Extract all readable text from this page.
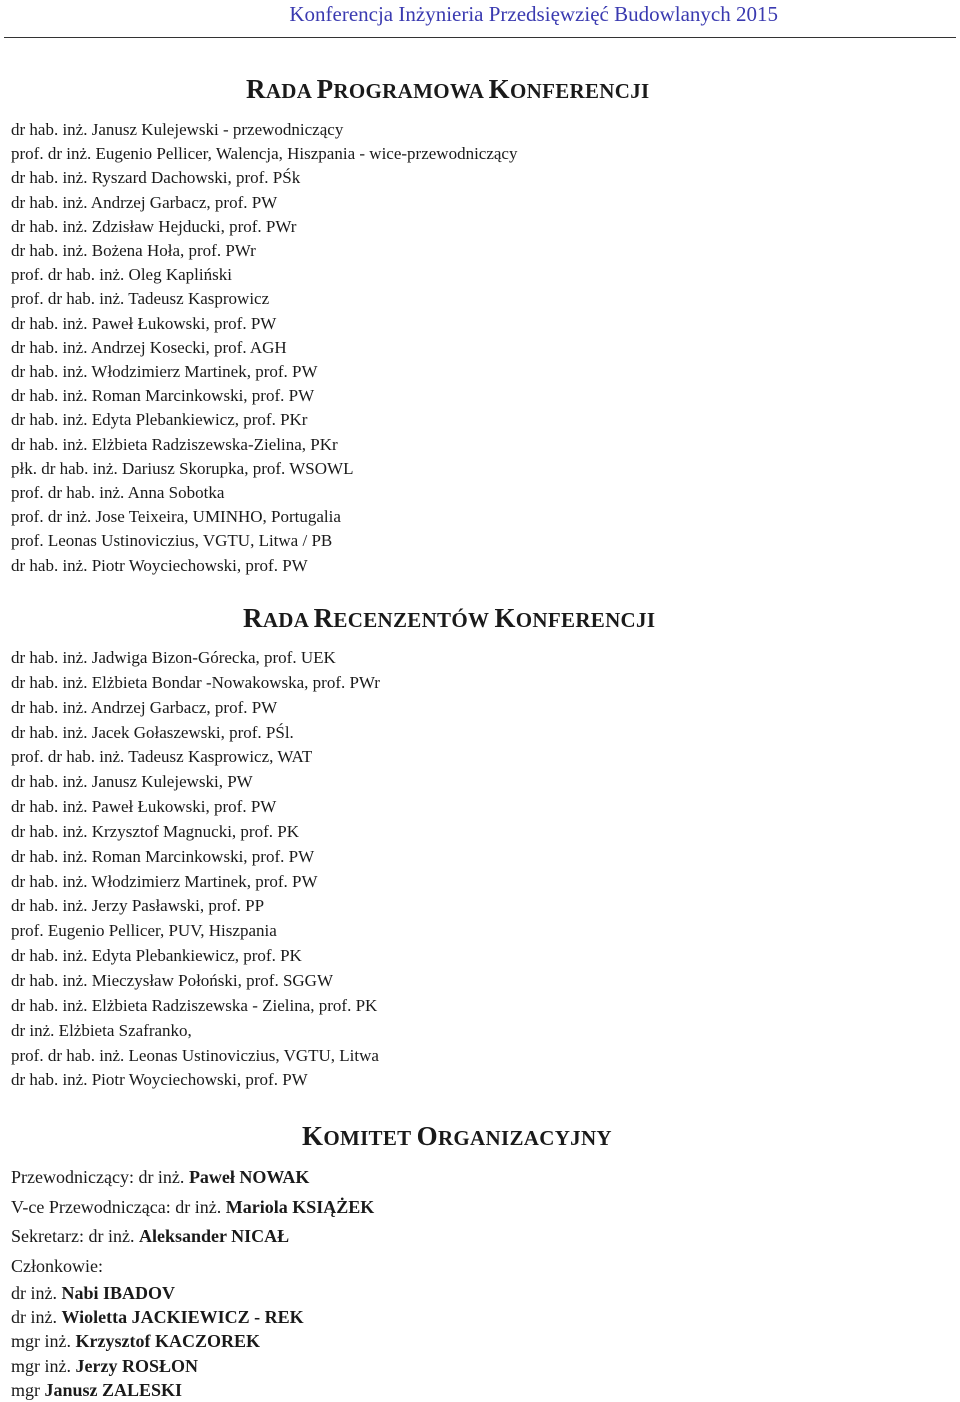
Konferencja Inżynieria Przedsięwzięć Budowlanych 2015
RADA PROGRAMOWA KONFERENCJI
dr hab. inż. Janusz Kulejewski - przewodniczący
prof. dr inż. Eugenio Pellicer, Walencja, Hiszpania - wice-przewodniczący
dr hab. inż. Ryszard Dachowski, prof. PŚk
dr hab. inż. Andrzej Garbacz, prof. PW
dr hab. inż. Zdzisław Hejducki, prof. PWr
dr hab. inż. Bożena Hoła, prof. PWr
prof. dr hab. inż. Oleg Kapliński
prof. dr hab. inż. Tadeusz Kasprowicz
dr hab. inż. Paweł Łukowski, prof. PW
dr hab. inż. Andrzej Kosecki, prof. AGH
dr hab. inż. Włodzimierz Martinek, prof. PW
dr hab. inż. Roman Marcinkowski, prof. PW
dr hab. inż. Edyta Plebankiewicz, prof. PKr
dr hab. inż. Elżbieta Radziszewska-Zielina, PKr
płk. dr hab. inż. Dariusz Skorupka, prof. WSOWL
prof. dr hab. inż. Anna Sobotka
prof. dr inż. Jose Teixeira, UMINHO, Portugalia
prof. Leonas Ustinoviczius, VGTU, Litwa / PB
dr hab. inż. Piotr Woyciechowski, prof. PW
RADA RECENZENTÓW KONFERENCJI
dr hab. inż. Jadwiga Bizon-Górecka, prof. UEK
dr hab. inż. Elżbieta Bondar -Nowakowska, prof. PWr
dr hab. inż. Andrzej Garbacz, prof. PW
dr hab. inż. Jacek Gołaszewski, prof. PŚl.
prof. dr hab. inż. Tadeusz Kasprowicz, WAT
dr hab. inż. Janusz Kulejewski, PW
dr hab. inż. Paweł Łukowski, prof. PW
dr hab. inż. Krzysztof Magnucki, prof. PK
dr hab. inż. Roman Marcinkowski, prof. PW
dr hab. inż. Włodzimierz Martinek, prof. PW
dr hab. inż. Jerzy Pasławski, prof. PP
prof. Eugenio Pellicer, PUV, Hiszpania
dr hab. inż. Edyta Plebankiewicz, prof. PK
dr hab. inż. Mieczysław Połoński, prof. SGGW
dr hab. inż. Elżbieta Radziszewska - Zielina, prof. PK
dr inż. Elżbieta Szafranko,
prof. dr hab. inż. Leonas Ustinoviczius, VGTU, Litwa
dr hab. inż. Piotr Woyciechowski, prof. PW
KOMITET ORGANIZACYJNY
Przewodniczący: dr inż. Paweł NOWAK
V-ce Przewodnicząca: dr inż. Mariola KSIĄŻEK
Sekretarz: dr inż. Aleksander NICAŁ
Członkowie:
dr inż. Nabi IBADOV
dr inż. Wioletta JACKIEWICZ - REK
mgr inż. Krzysztof KACZOREK
mgr inż. Jerzy ROSŁON
mgr Janusz ZALESKI
